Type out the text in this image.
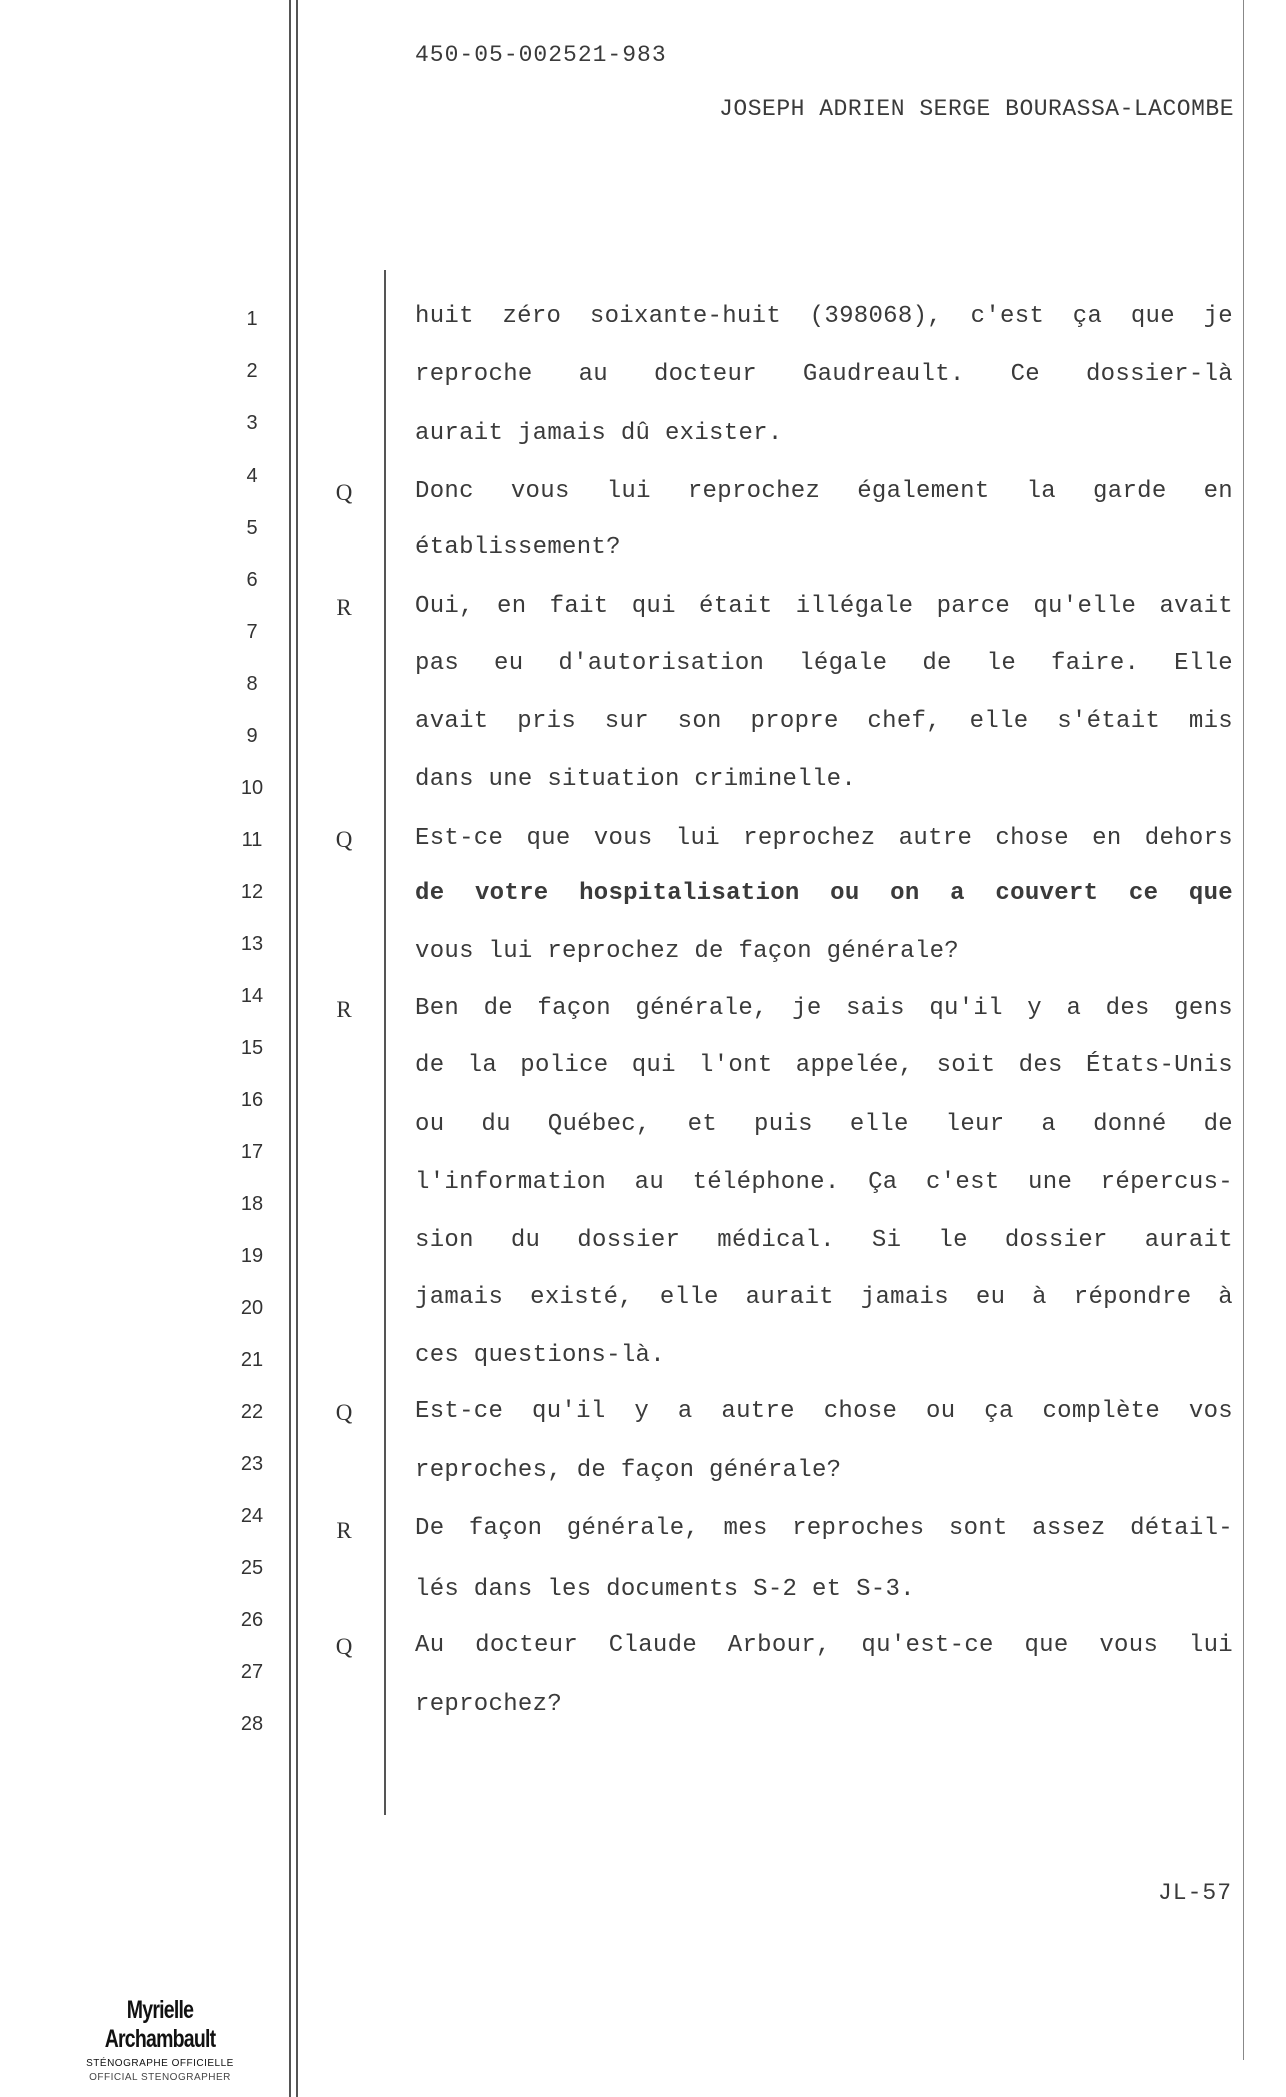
450-05-002521-983
JOSEPH ADRIEN SERGE BOURASSA-LACOMBE
1
2
3
4
5
6
7
8
9
10
11
12
13
14
15
16
17
18
19
20
21
22
23
24
25
26
27
28
Q
R
Q
R
Q
R
Q
huit zéro soixante-huit (398068), c'est ça que je
reproche au docteur Gaudreault. Ce dossier-là
aurait jamais dû exister.
Donc vous lui reprochez également la garde en
établissement?
Oui, en fait qui était illégale parce qu'elle avait
pas eu d'autorisation légale de le faire. Elle
avait pris sur son propre chef, elle s'était mis
dans une situation criminelle.
Est-ce que vous lui reprochez autre chose en dehors
de votre hospitalisation ou on a couvert ce que
vous lui reprochez de façon générale?
Ben de façon générale, je sais qu'il y a des gens
de la police qui l'ont appelée, soit des États-Unis
ou du Québec, et puis elle leur a donné de
l'information au téléphone. Ça c'est une répercus-
sion du dossier médical. Si le dossier aurait
jamais existé, elle aurait jamais eu à répondre à
ces questions-là.
Est-ce qu'il y a autre chose ou ça complète vos
reproches, de façon générale?
De façon générale, mes reproches sont assez détail-
lés dans les documents S-2 et S-3.
Au docteur Claude Arbour, qu'est-ce que vous lui
reprochez?
JL-57
Myrielle Archambault
STÉNOGRAPHE OFFICIELLE
OFFICIAL STENOGRAPHER
